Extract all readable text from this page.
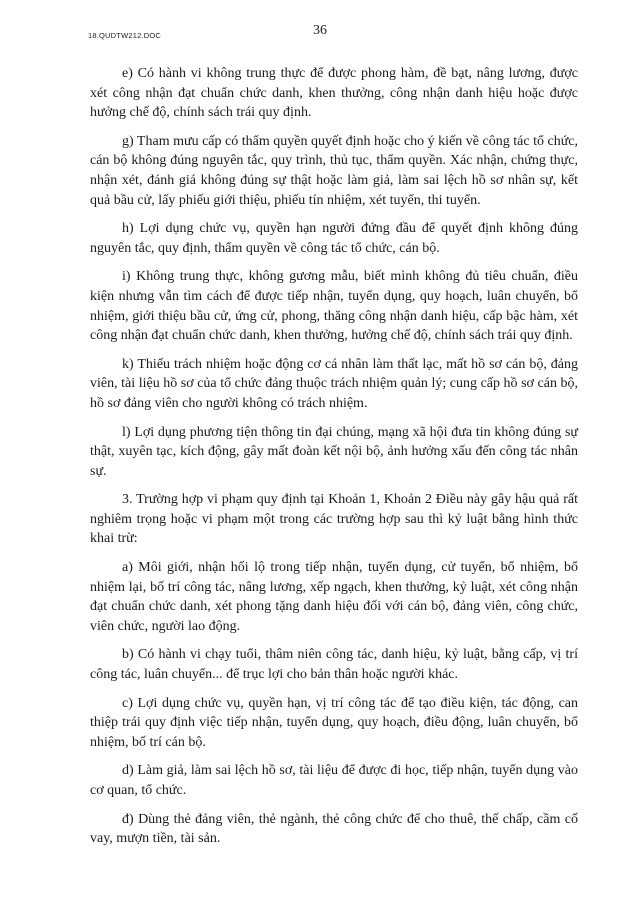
18.QUDTW212.DOC	36

e) Có hành vi không trung thực để được phong hàm, đề bạt, nâng lương, được xét công nhận đạt chuẩn chức danh, khen thưởng, công nhận danh hiệu hoặc được hưởng chế độ, chính sách trái quy định.

g) Tham mưu cấp có thẩm quyền quyết định hoặc cho ý kiến về công tác tổ chức, cán bộ không đúng nguyên tắc, quy trình, thủ tục, thẩm quyền. Xác nhận, chứng thực, nhận xét, đánh giá không đúng sự thật hoặc làm giả, làm sai lệch hồ sơ nhân sự, kết quả bầu cử, lấy phiếu giới thiệu, phiếu tín nhiệm, xét tuyển, thi tuyển.

h) Lợi dụng chức vụ, quyền hạn người đứng đầu để quyết định không đúng nguyên tắc, quy định, thẩm quyền về công tác tổ chức, cán bộ.

i) Không trung thực, không gương mẫu, biết mình không đủ tiêu chuẩn, điều kiện nhưng vẫn tìm cách để được tiếp nhận, tuyển dụng, quy hoạch, luân chuyển, bổ nhiệm, giới thiệu bầu cử, ứng cử, phong, thăng công nhận danh hiệu, cấp bậc hàm, xét công nhận đạt chuẩn chức danh, khen thưởng, hưởng chế độ, chính sách trái quy định.

k) Thiếu trách nhiệm hoặc động cơ cá nhân làm thất lạc, mất hồ sơ cán bộ, đảng viên, tài liệu hồ sơ của tổ chức đảng thuộc trách nhiệm quản lý; cung cấp hồ sơ cán bộ, hồ sơ đảng viên cho người không có trách nhiệm.

l) Lợi dụng phương tiện thông tin đại chúng, mạng xã hội đưa tin không đúng sự thật, xuyên tạc, kích động, gây mất đoàn kết nội bộ, ảnh hưởng xấu đến công tác nhân sự.

3. Trường hợp vi phạm quy định tại Khoản 1, Khoản 2 Điều này gây hậu quả rất nghiêm trọng hoặc vi phạm một trong các trường hợp sau thì kỷ luật bằng hình thức khai trừ:

a) Môi giới, nhận hối lộ trong tiếp nhận, tuyển dụng, cử tuyển, bổ nhiệm, bổ nhiệm lại, bố trí công tác, nâng lương, xếp ngạch, khen thưởng, kỷ luật, xét công nhận đạt chuẩn chức danh, xét phong tặng danh hiệu đối với cán bộ, đảng viên, công chức, viên chức, người lao động.

b) Có hành vi chạy tuổi, thâm niên công tác, danh hiệu, kỷ luật, bằng cấp, vị trí công tác, luân chuyển... để trục lợi cho bản thân hoặc người khác.

c) Lợi dụng chức vụ, quyền hạn, vị trí công tác để tạo điều kiện, tác động, can thiệp trái quy định việc tiếp nhận, tuyển dụng, quy hoạch, điều động, luân chuyển, bổ nhiệm, bố trí cán bộ.

d) Làm giả, làm sai lệch hồ sơ, tài liệu để được đi học, tiếp nhận, tuyển dụng vào cơ quan, tổ chức.

đ) Dùng thẻ đảng viên, thẻ ngành, thẻ công chức để cho thuê, thế chấp, cầm cố vay, mượn tiền, tài sản.
